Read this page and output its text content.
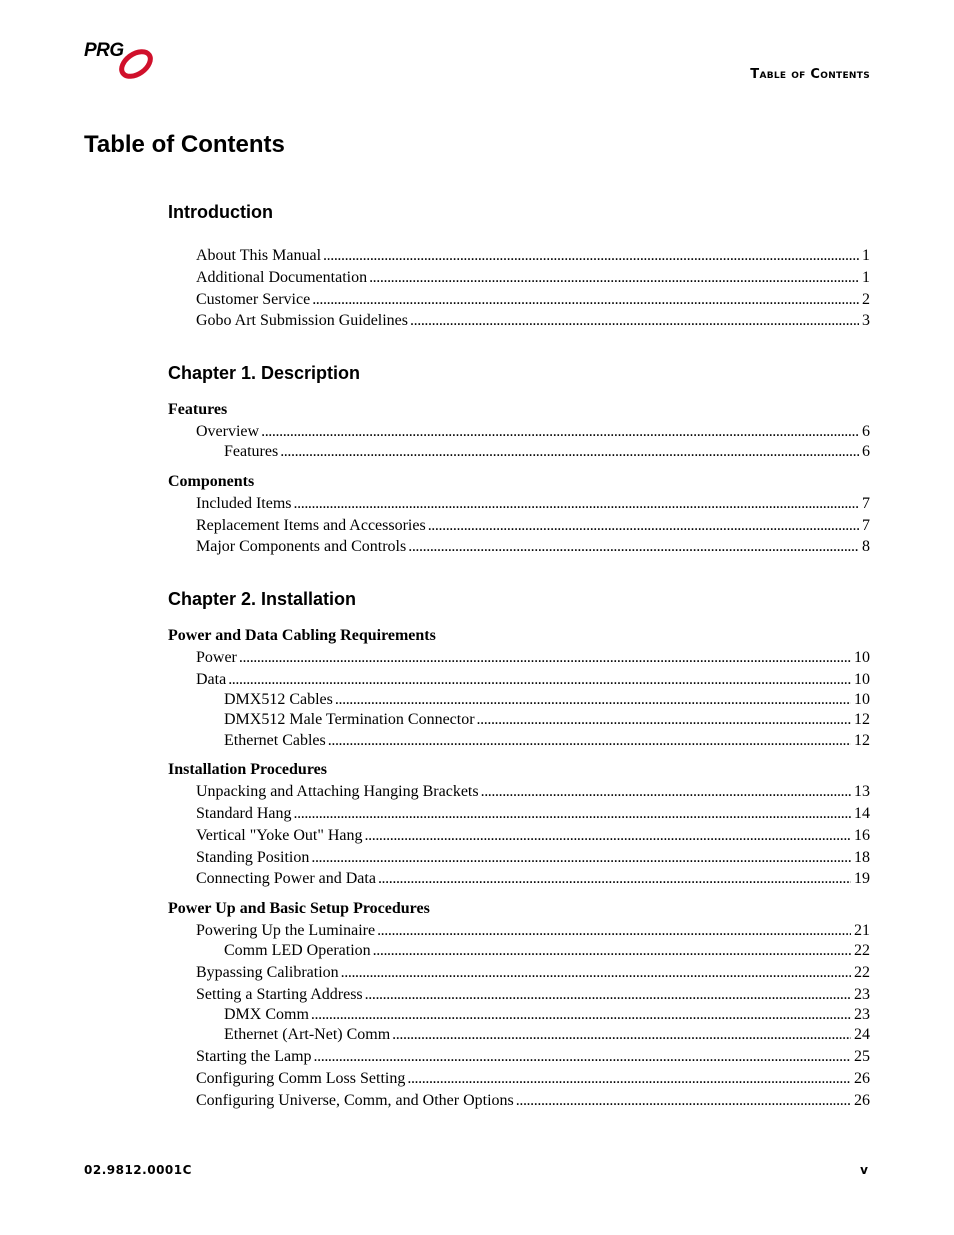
PRG
Table of Contents
Table of Contents
Introduction
About This Manual . . .	1
Additional Documentation . . .	1
Customer Service . . .	2
Gobo Art Submission Guidelines . . .	3
Chapter 1. Description
Features
Overview . . .	6
Features . . .	6
Components
Included Items . . .	7
Replacement Items and Accessories . . .	7
Major Components and Controls . . .	8
Chapter 2. Installation
Power and Data Cabling Requirements
Power . . .	10
Data . . .	10
DMX512 Cables . . .	10
DMX512 Male Termination Connector . . .	12
Ethernet Cables . . .	12
Installation Procedures
Unpacking and Attaching Hanging Brackets . . .	13
Standard Hang . . .	14
Vertical "Yoke Out" Hang . . .	16
Standing Position . . .	18
Connecting Power and Data . . .	19
Power Up and Basic Setup Procedures
Powering Up the Luminaire . . .	21
Comm LED Operation . . .	22
Bypassing Calibration . . .	22
Setting a Starting Address . . .	23
DMX Comm . . .	23
Ethernet (Art-Net) Comm . . .	24
Starting the Lamp . . .	25
Configuring Comm Loss Setting . . .	26
Configuring Universe, Comm, and Other Options . . .	26
02.9812.0001C	v
